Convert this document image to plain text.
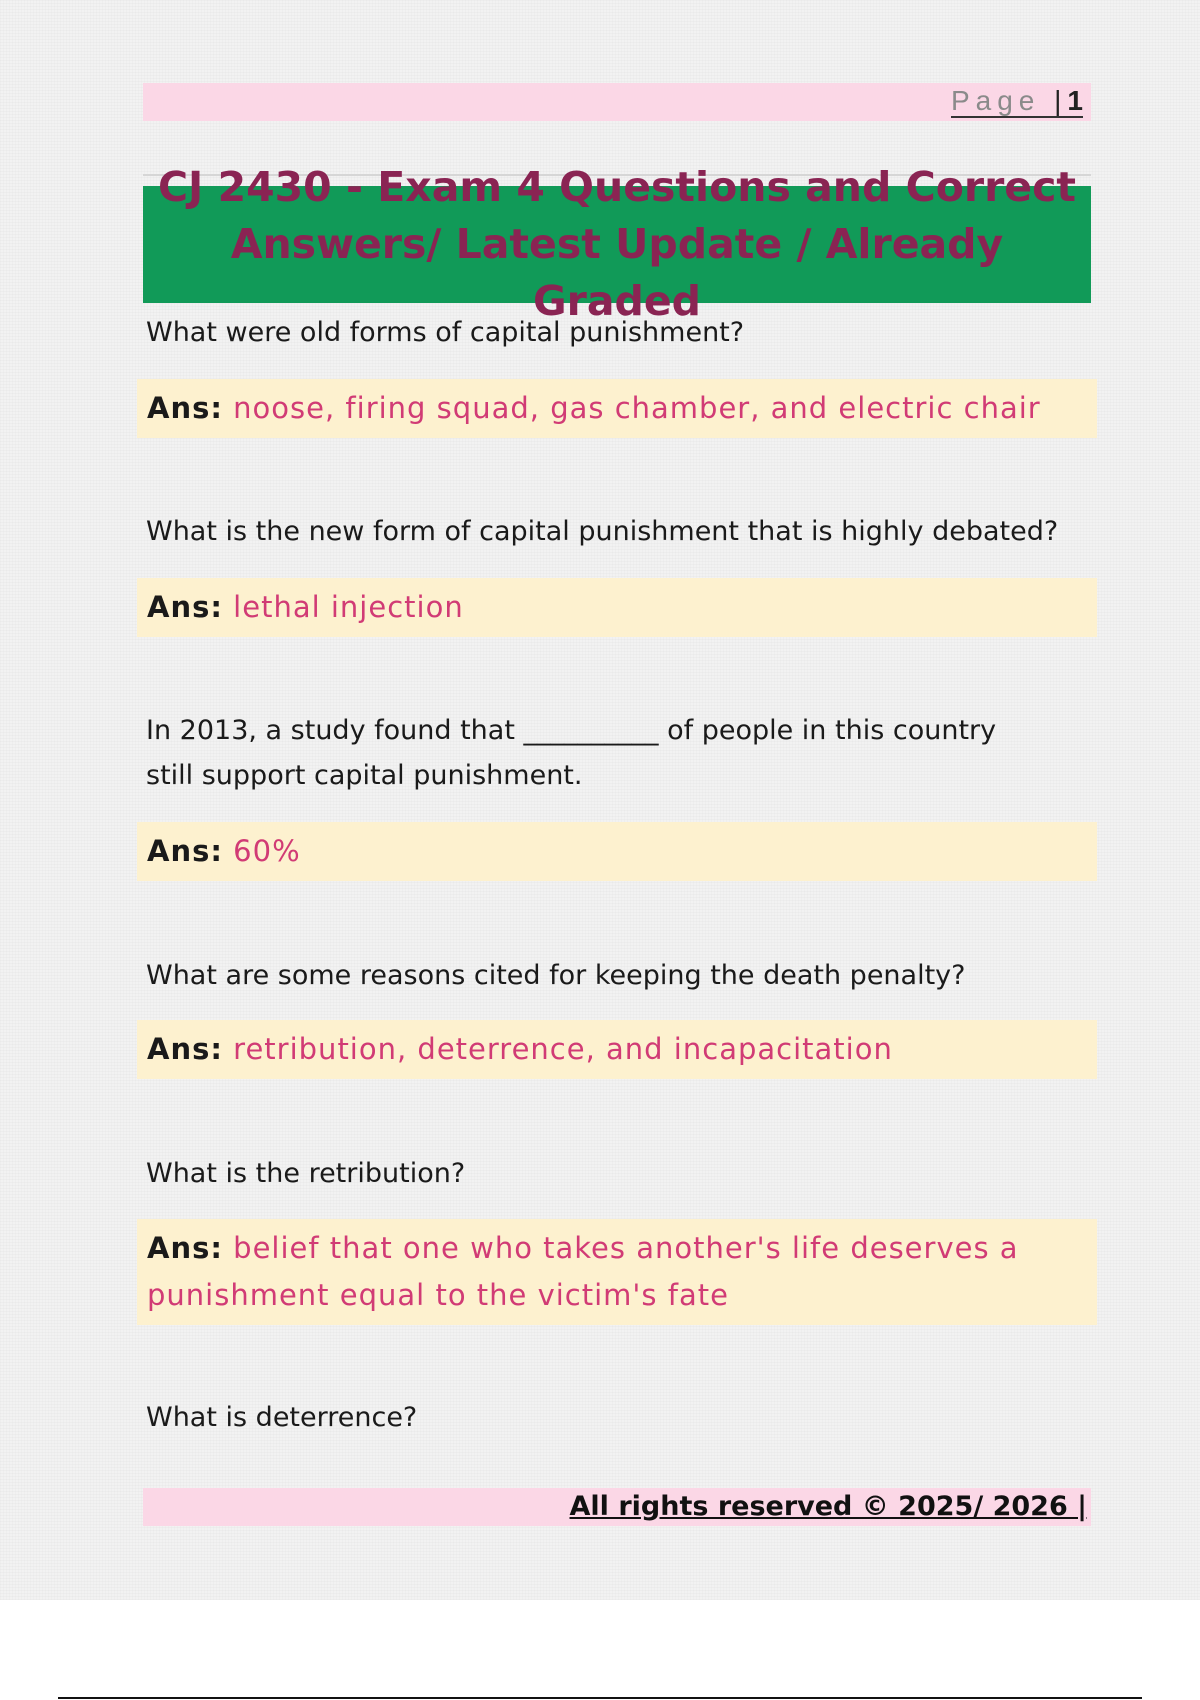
Page |1
CJ 2430 - Exam 4 Questions and Correct Answers/ Latest Update / Already Graded
What were old forms of capital punishment?
Ans: noose, firing squad, gas chamber, and electric chair
What is the new form of capital punishment that is highly debated?
Ans: lethal injection
In 2013, a study found that __________ of people in this country still support capital punishment.
Ans: 60%
What are some reasons cited for keeping the death penalty?
Ans: retribution, deterrence, and incapacitation
What is the retribution?
Ans: belief that one who takes another's life deserves a punishment equal to the victim's fate
What is deterrence?
All rights reserved © 2025/ 2026 |
